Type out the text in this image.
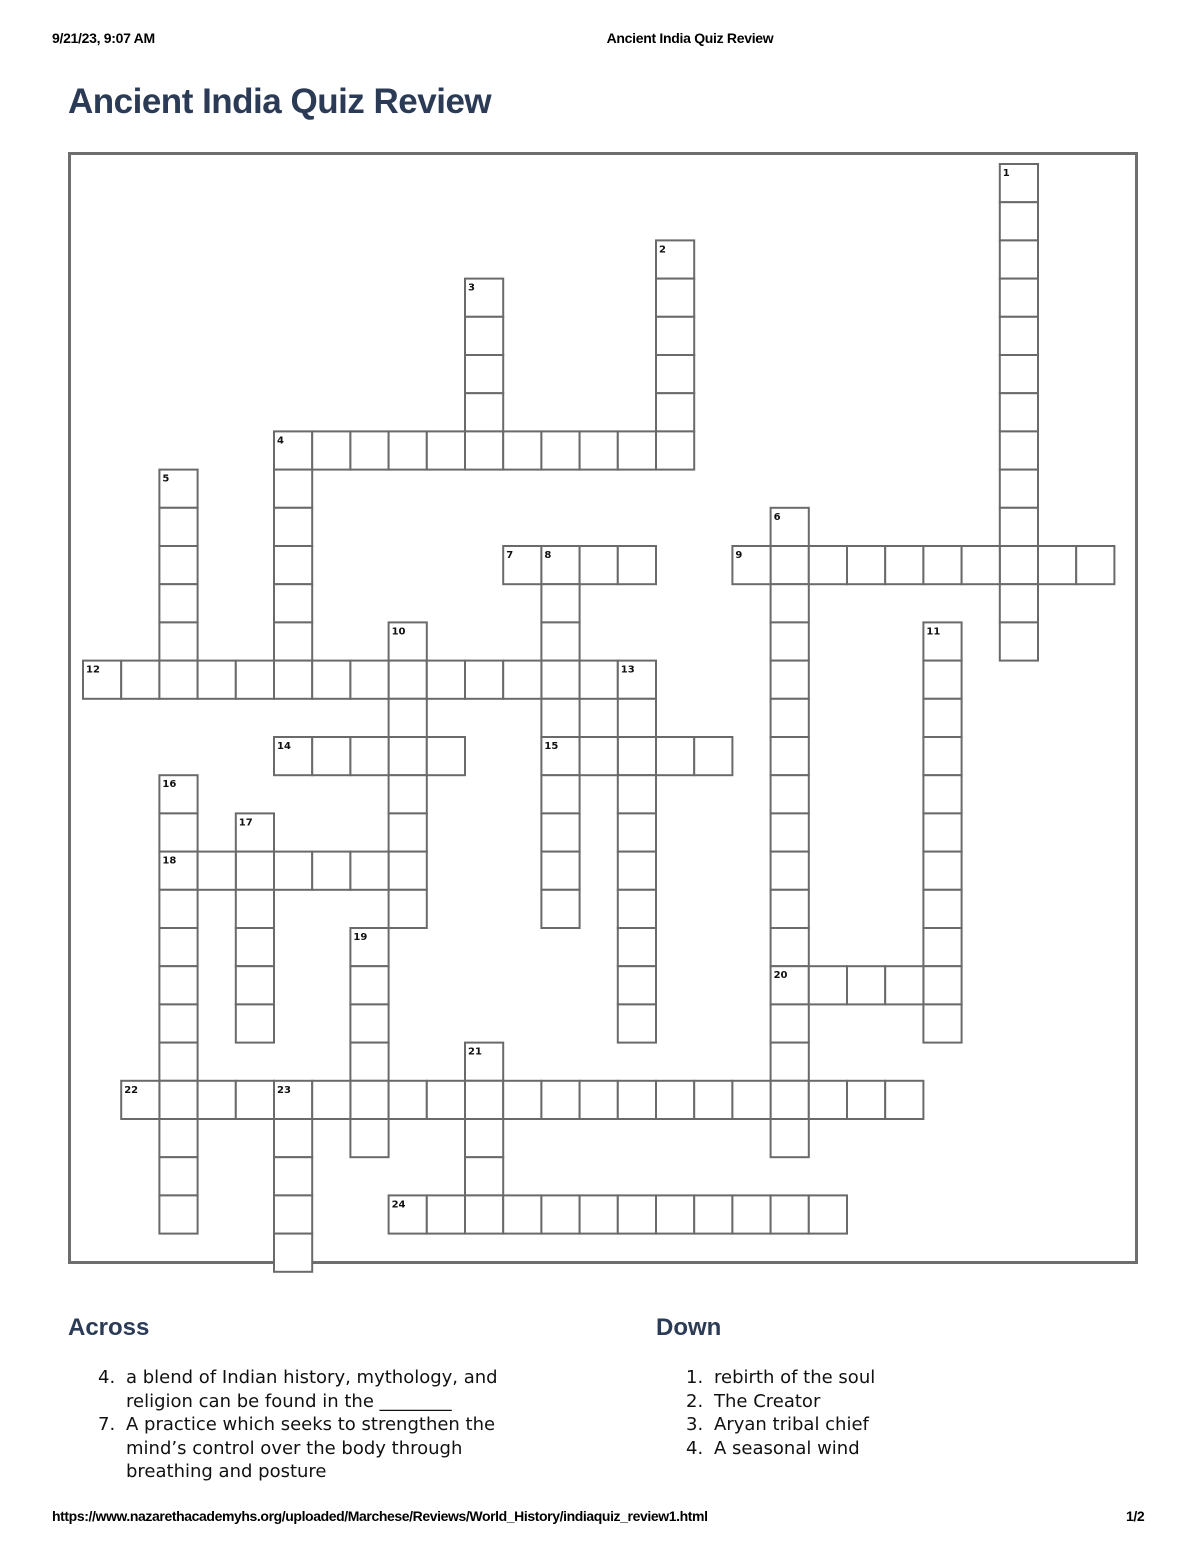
9/21/23, 9:07 AM	Ancient India Quiz Review
Ancient India Quiz Review
1
2
3
4
5
6
20
7	8
15
9
10	11
12	13
14
16
18
17
19
21
22	23
24
Across	Down
4. a blend of Indian history, mythology, and religion can be found in the ________
7. A practice which seeks to strengthen the mind’s control over the body through breathing and posture
1. rebirth of the soul
2. The Creator
3. Aryan tribal chief
4. A seasonal wind
https://www.nazarethacademyhs.org/uploaded/Marchese/Reviews/World_History/indiaquiz_review1.html	1/2
